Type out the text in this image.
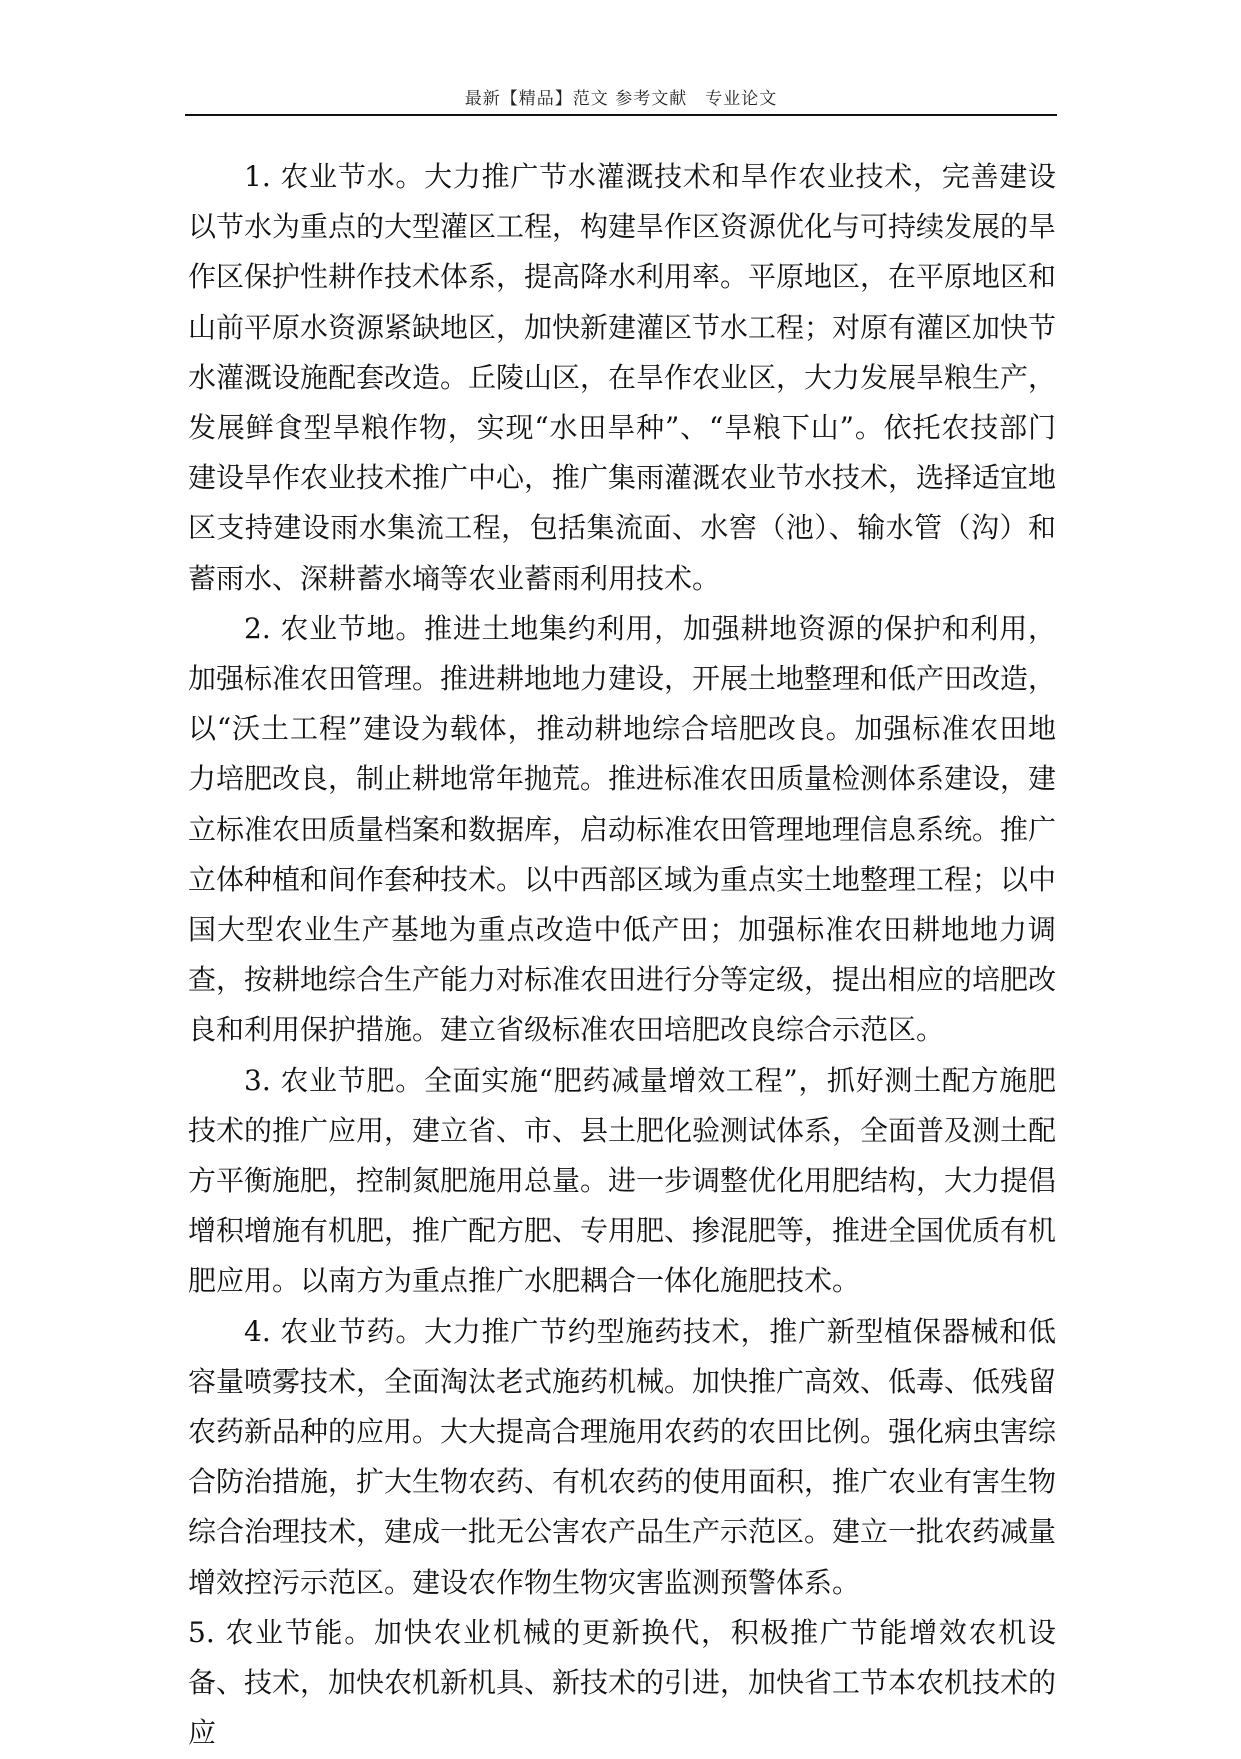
最新【精品】范文 参考文献　专业论文

1. 农业节水。大力推广节水灌溉技术和旱作农业技术，完善建设以节水为重点的大型灌区工程，构建旱作区资源优化与可持续发展的旱作区保护性耕作技术体系，提高降水利用率。平原地区，在平原地区和山前平原水资源紧缺地区，加快新建灌区节水工程；对原有灌区加快节水灌溉设施配套改造。丘陵山区，在旱作农业区，大力发展旱粮生产，发展鲜食型旱粮作物，实现“水田旱种”、“旱粮下山”。依托农技部门建设旱作农业技术推广中心，推广集雨灌溉农业节水技术，选择适宜地区支持建设雨水集流工程，包括集流面、水窖（池）、输水管（沟）和蓄雨水、深耕蓄水墒等农业蓄雨利用技术。

2. 农业节地。推进土地集约利用，加强耕地资源的保护和利用，加强标准农田管理。推进耕地地力建设，开展土地整理和低产田改造，以“沃土工程”建设为载体，推动耕地综合培肥改良。加强标准农田地力培肥改良，制止耕地常年抛荒。推进标准农田质量检测体系建设，建立标准农田质量档案和数据库，启动标准农田管理地理信息系统。推广立体种植和间作套种技术。以中西部区域为重点实土地整理工程；以中国大型农业生产基地为重点改造中低产田；加强标准农田耕地地力调查，按耕地综合生产能力对标准农田进行分等定级，提出相应的培肥改良和利用保护措施。建立省级标准农田培肥改良综合示范区。

3. 农业节肥。全面实施“肥药减量增效工程”，抓好测土配方施肥技术的推广应用，建立省、市、县土肥化验测试体系，全面普及测土配方平衡施肥，控制氮肥施用总量。进一步调整优化用肥结构，大力提倡增积增施有机肥，推广配方肥、专用肥、掺混肥等，推进全国优质有机肥应用。以南方为重点推广水肥耦合一体化施肥技术。

4. 农业节药。大力推广节约型施药技术，推广新型植保器械和低容量喷雾技术，全面淘汰老式施药机械。加快推广高效、低毒、低残留农药新品种的应用。大大提高合理施用农药的农田比例。强化病虫害综合防治措施，扩大生物农药、有机农药的使用面积，推广农业有害生物综合治理技术，建成一批无公害农产品生产示范区。建立一批农药减量增效控污示范区。建设农作物生物灾害监测预警体系。

5. 农业节能。加快农业机械的更新换代，积极推广节能增效农机设备、技术，加快农机新机具、新技术的引进，加快省工节本农机技术的应
